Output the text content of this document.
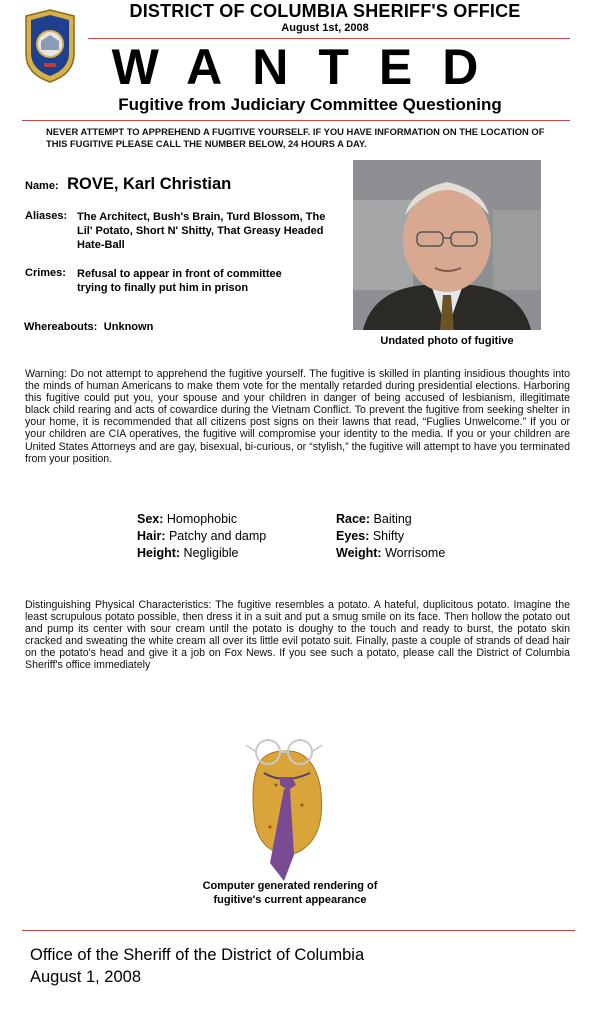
DISTRICT OF COLUMBIA SHERIFF'S OFFICE
August 1st, 2008
WANTED
Fugitive from Judiciary Committee Questioning
NEVER ATTEMPT TO APPREHEND A FUGITIVE YOURSELF. IF YOU HAVE INFORMATION ON THE LOCATION OF THIS FUGITIVE PLEASE CALL THE NUMBER BELOW, 24 HOURS A DAY.
Name: ROVE, Karl Christian
Aliases: The Architect, Bush's Brain, Turd Blossom, The Lil' Potato, Short N' Shitty, That Greasy Headed Hate-Ball
Crimes: Refusal to appear in front of committee trying to finally put him in prison
Whereabouts: Unknown
Undated photo of fugitive
Warning: Do not attempt to apprehend the fugitive yourself. The fugitive is skilled in planting insidious thoughts into the minds of human Americans to make them vote for the mentally retarded during presidential elections. Harboring this fugitive could put you, your spouse and your children in danger of being accused of lesbianism, illegitimate black child rearing and acts of cowardice during the Vietnam Conflict. To prevent the fugitive from seeking shelter in your home, it is recommended that all citizens post signs on their lawns that read, “Fuglies Unwelcome.” If you or your children are CIA operatives, the fugitive will compromise your identity to the media. If you or your children are United States Attorneys and are gay, bisexual, bi-curious, or “stylish,” the fugitive will attempt to have you terminated from your position.
Sex: Homophobic	Race: Baiting
Hair: Patchy and damp	Eyes: Shifty
Height: Negligible	Weight: Worrisome
Distinguishing Physical Characteristics: The fugitive resembles a potato. A hateful, duplicitous potato. Imagine the least scrupulous potato possible, then dress it in a suit and put a smug smile on its face. Then hollow the potato out and pump its center with sour cream until the potato is doughy to the touch and ready to burst, the potato skin cracked and sweating the white cream all over its little evil potato suit. Finally, paste a couple of strands of dead hair on the potato's head and give it a job on Fox News. If you see such a potato, please call the District of Columbia Sheriff's office immediately
Computer generated rendering of
fugitive's current appearance
Office of the Sheriff of the District of Columbia
August 1, 2008
